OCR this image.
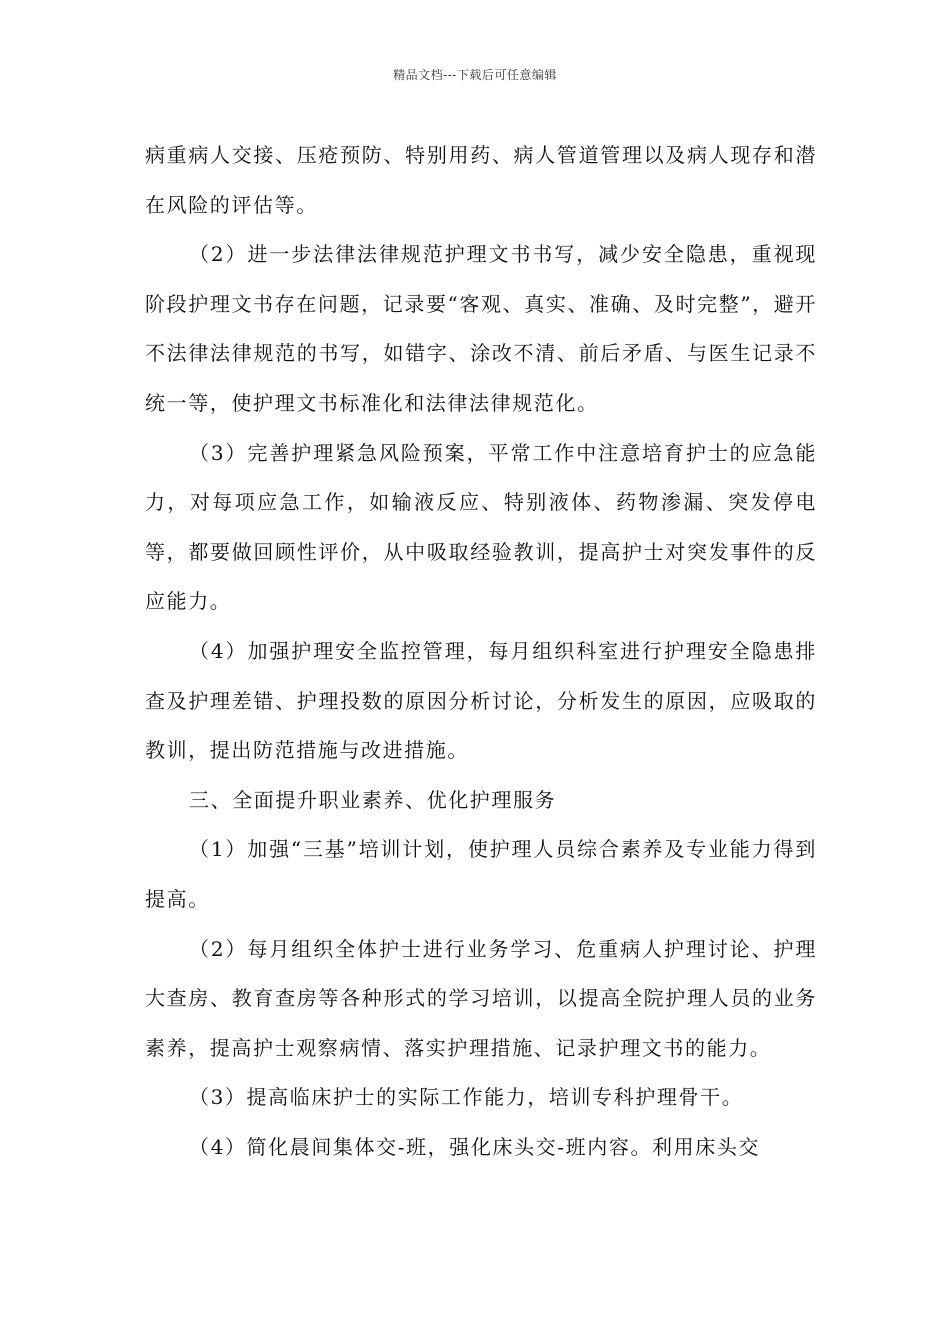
精品文档---下载后可任意编辑

病重病人交接、压疮预防、特别用药、病人管道管理以及病人现存和潜在风险的评估等。

（2）进一步法律法律规范护理文书书写，减少安全隐患，重视现阶段护理文书存在问题，记录要“客观、真实、准确、及时完整”，避开不法律法律规范的书写，如错字、涂改不清、前后矛盾、与医生记录不统一等，使护理文书标准化和法律法律规范化。

（3）完善护理紧急风险预案，平常工作中注意培育护士的应急能力，对每项应急工作，如输液反应、特别液体、药物渗漏、突发停电等，都要做回顾性评价，从中吸取经验教训，提高护士对突发事件的反应能力。

（4）加强护理安全监控管理，每月组织科室进行护理安全隐患排查及护理差错、护理投数的原因分析讨论，分析发生的原因，应吸取的教训，提出防范措施与改进措施。

三、全面提升职业素养、优化护理服务

（1）加强“三基”培训计划，使护理人员综合素养及专业能力得到提高。

（2）每月组织全体护士进行业务学习、危重病人护理讨论、护理大查房、教育查房等各种形式的学习培训，以提高全院护理人员的业务素养，提高护士观察病情、落实护理措施、记录护理文书的能力。

（3）提高临床护士的实际工作能力，培训专科护理骨干。

（4）简化晨间集体交-班，强化床头交-班内容。利用床头交
